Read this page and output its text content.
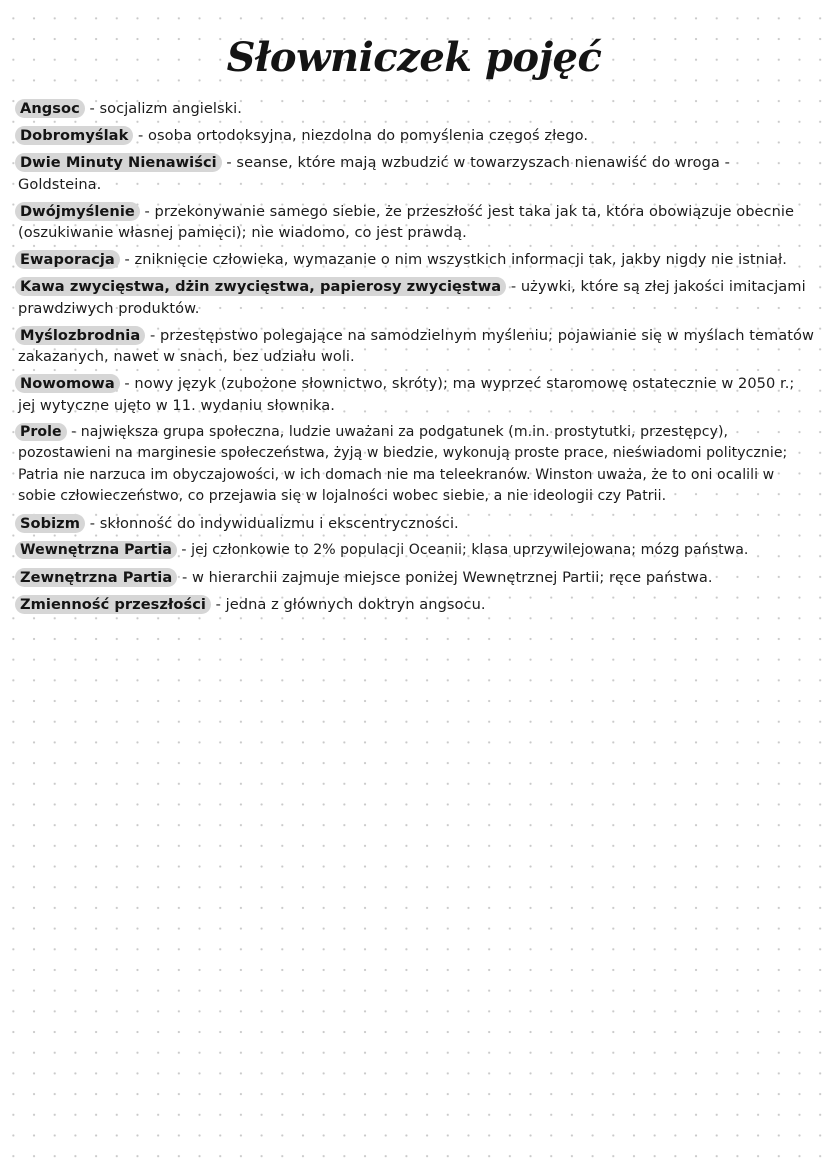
Słowniczek pojęć
Angsoc - socjalizm angielski.
Dobromyślak - osoba ortodoksyjna, niezdolna do pomyślenia czegoś złego.
Dwie Minuty Nienawiści - seanse, które mają wzbudzić w towarzyszach nienawiść do wroga - Goldsteina.
Dwójmyślenie - przekonywanie samego siebie, że przeszłość jest taka jak ta, która obowiązuje obecnie (oszukiwanie własnej pamięci); nie wiadomo, co jest prawdą.
Ewaporacja - zniknięcie człowieka, wymazanie o nim wszystkich informacji tak, jakby nigdy nie istniał.
Kawa zwycięstwa, dżin zwycięstwa, papierosy zwycięstwa - używki, które są złej jakości imitacjami prawdziwych produktów.
Myślozbrodnia - przestępstwo polegające na samodzielnym myśleniu; pojawianie się w myślach tematów zakazanych, nawet w snach, bez udziału woli.
Nowomowa - nowy język (zubożone słownictwo, skróty); ma wyprzeć staromowę ostatecznie w 2050 r.; jej wytyczne ujęto w 11. wydaniu słownika.
Prole - największa grupa społeczna, ludzie uważani za podgatunek (m.in. prostytutki, przestępcy), pozostawieni na marginesie społeczeństwa, żyją w biedzie, wykonują proste prace, nieświadomi politycznie; Patria nie narzuca im obyczajowości, w ich domach nie ma teleekranów. Winston uważa, że to oni ocalili w sobie człowieczeństwo, co przejawia się w lojalności wobec siebie, a nie ideologii czy Patrii.
Sobizm - skłonność do indywidualizmu i ekscentryczności.
Wewnętrzna Partia - jej członkowie to 2% populacji Oceanii; klasa uprzywilejowana; mózg państwa.
Zewnętrzna Partia - w hierarchii zajmuje miejsce poniżej Wewnętrznej Partii; ręce państwa.
Zmienność przeszłości - jedna z głównych doktryn angsocu.
